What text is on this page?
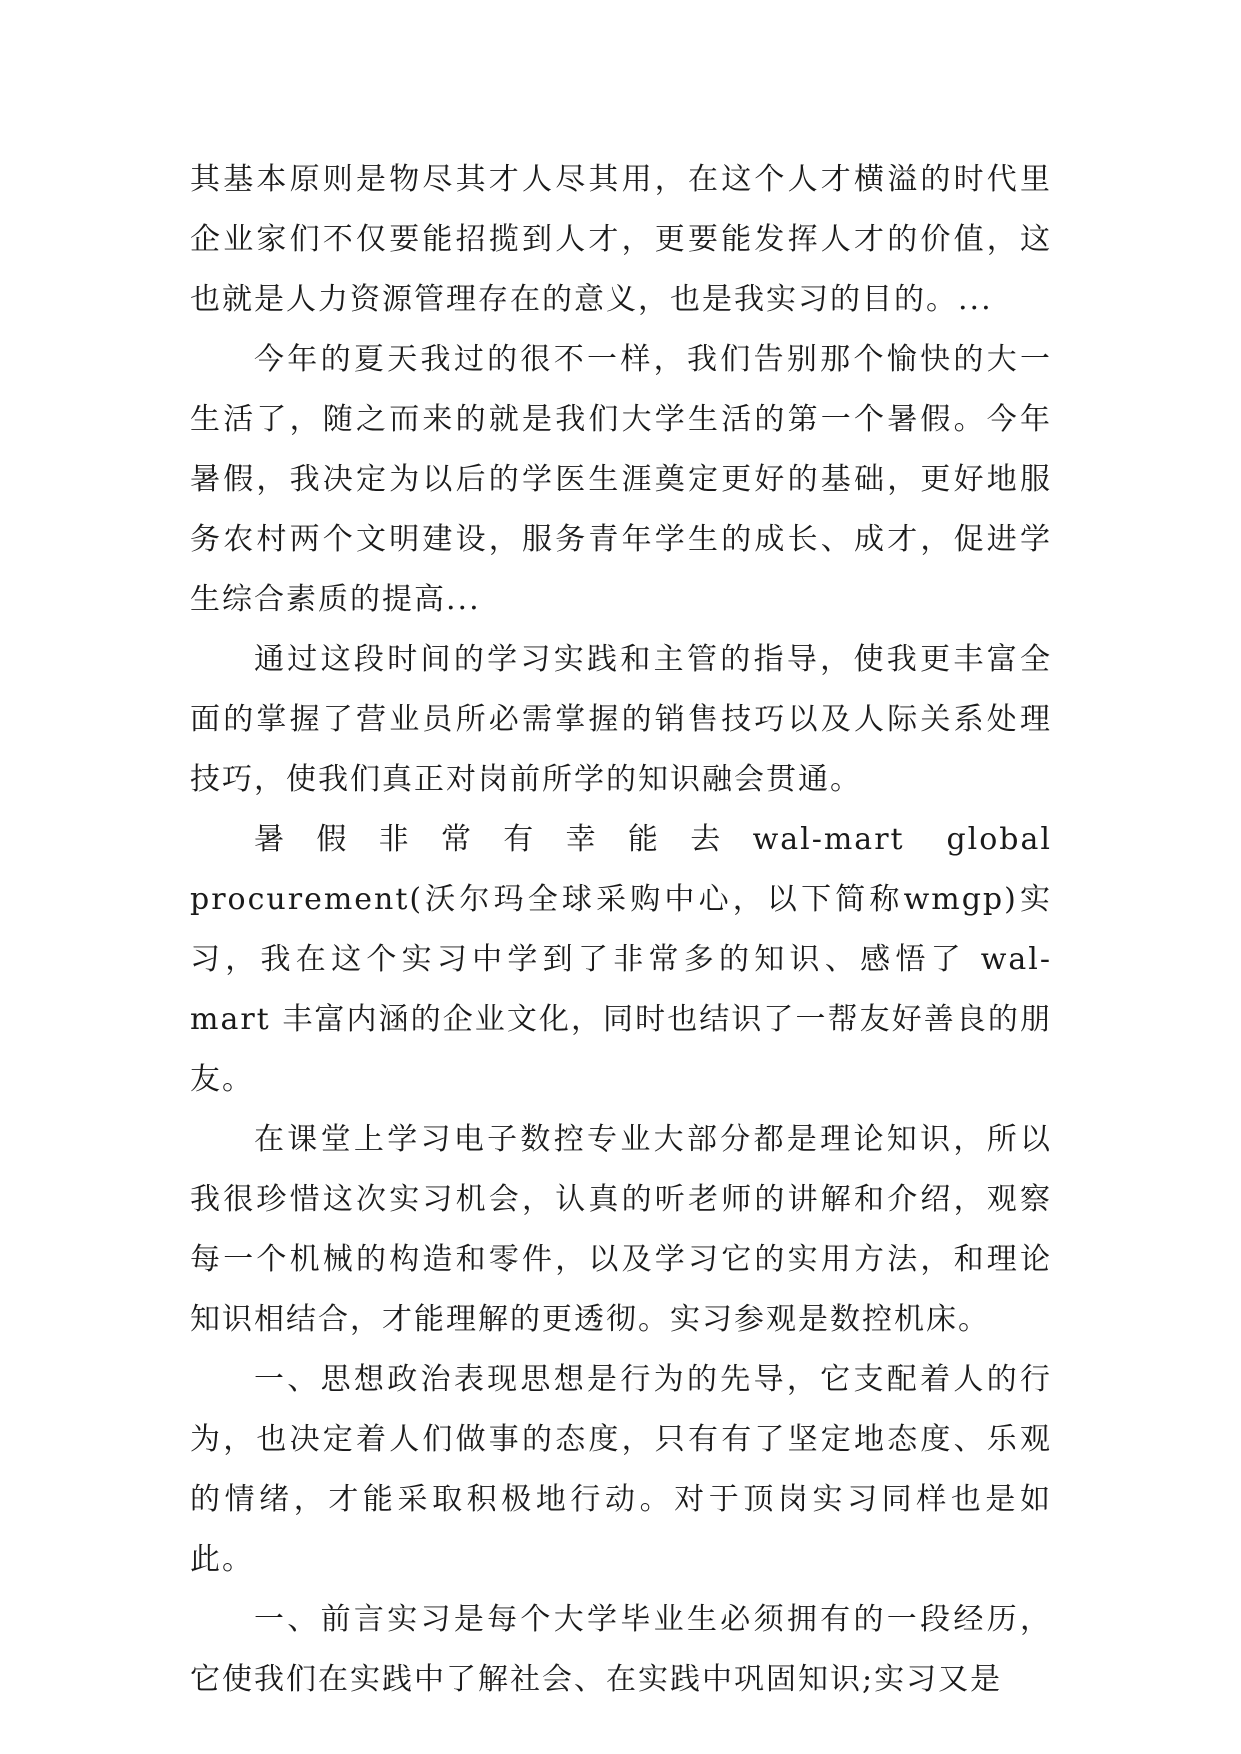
其基本原则是物尽其才人尽其用，在这个人才横溢的时代里企业家们不仅要能招揽到人才，更要能发挥人才的价值，这也就是人力资源管理存在的意义，也是我实习的目的。...

今年的夏天我过的很不一样，我们告别那个愉快的大一生活了，随之而来的就是我们大学生活的第一个暑假。今年暑假，我决定为以后的学医生涯奠定更好的基础，更好地服务农村两个文明建设，服务青年学生的成长、成才，促进学生综合素质的提高...

通过这段时间的学习实践和主管的指导，使我更丰富全面的掌握了营业员所必需掌握的销售技巧以及人际关系处理技巧，使我们真正对岗前所学的知识融会贯通。

暑假非常有幸能去wal-mart global procurement(沃尔玛全球采购中心，以下简称wmgp)实习，我在这个实习中学到了非常多的知识、感悟了 wal-mart 丰富内涵的企业文化，同时也结识了一帮友好善良的朋友。

在课堂上学习电子数控专业大部分都是理论知识，所以我很珍惜这次实习机会，认真的听老师的讲解和介绍，观察每一个机械的构造和零件，以及学习它的实用方法，和理论知识相结合，才能理解的更透彻。实习参观是数控机床。

一、思想政治表现思想是行为的先导，它支配着人的行为，也决定着人们做事的态度，只有有了坚定地态度、乐观的情绪，才能采取积极地行动。对于顶岗实习同样也是如此。

一、前言实习是每个大学毕业生必须拥有的一段经历，它使我们在实践中了解社会、在实践中巩固知识;实习又是
